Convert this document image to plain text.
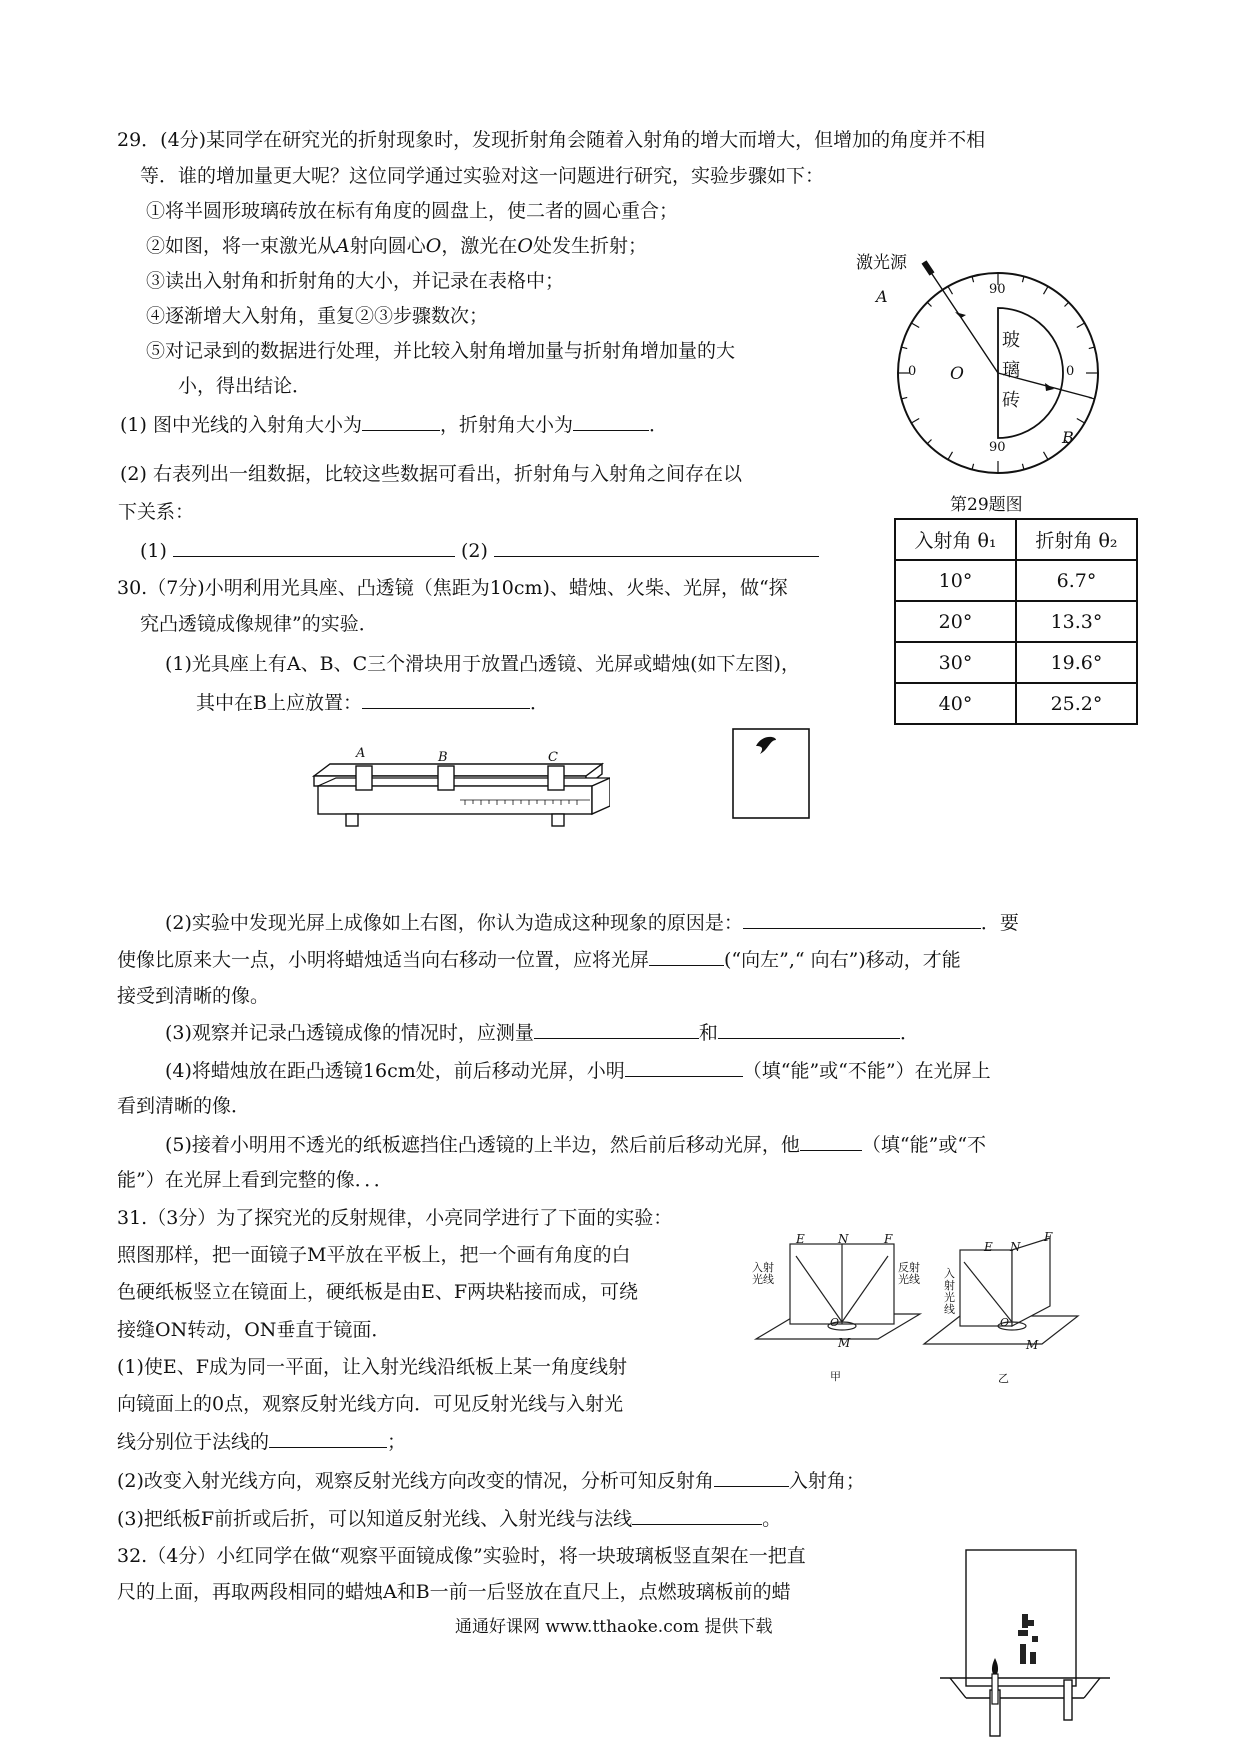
29．(4分)某同学在研究光的折射现象时，发现折射角会随着入射角的增大而增大，但增加的角度并不相
等．谁的增加量更大呢？这位同学通过实验对这一问题进行研究，实验步骤如下：
①将半圆形玻璃砖放在标有角度的圆盘上，使二者的圆心重合；
②如图，将一束激光从A射向圆心O，激光在O处发生折射；
③读出入射角和折射角的大小，并记录在表格中；
④逐渐增大入射角，重复②③步骤数次；
⑤对记录到的数据进行处理，并比较入射角增加量与折射角增加量的大
小，得出结论．
(1) 图中光线的入射角大小为	，折射角大小为	．
(2) 右表列出一组数据，比较这些数据可看出，折射角与入射角之间存在以
下关系：
(1)	(2)
激光源
A
B
O
90
90
0	0
玻
璃
砖
第29题图
入射角 θ₁	折射角 θ₂
10°	6.7°
20°	13.3°
30°	19.6°
40°	25.2°
30.（7分)小明利用光具座、凸透镜（焦距为10cm)、蜡烛、火柴、光屏，做“探
究凸透镜成像规律”的实验．
(1)光具座上有A、B、C三个滑块用于放置凸透镜、光屏或蜡烛(如下左图)，
其中在B上应放置：	．
A	B	C
(2)实验中发现光屏上成像如上右图，你认为造成这种现象的原因是：	．要
使像比原来大一点，小明将蜡烛适当向右移动一位置，应将光屏	(“向左”,“ 向右”)移动，才能
接受到清晰的像。
(3)观察并记录凸透镜成像的情况时，应测量	和	．
(4)将蜡烛放在距凸透镜16cm处，前后移动光屏，小明	（填“能”或“不能”）在光屏上
看到清晰的像．
(5)接着小明用不透光的纸板遮挡住凸透镜的上半边，然后前后移动光屏，他	（填“能”或“不
能”）在光屏上看到完整的像．．．
31.（3分）为了探究光的反射规律，小亮同学进行了下面的实验：
照图那样，把一面镜子M平放在平板上，把一个画有角度的白
色硬纸板竖立在镜面上，硬纸板是由E、F两块粘接而成，可绕
接缝ON转动，ON垂直于镜面．
(1)使E、F成为同一平面，让入射光线沿纸板上某一角度线射
向镜面上的0点，观察反射光线方向．可见反射光线与入射光
线分别位于法线的	；
(2)改变入射光线方向，观察反射光线方向改变的情况，分析可知反射角	入射角；
(3)把纸板F前折或后折，可以知道反射光线、入射光线与法线	。
入射光线
反射光线 入射光线
E	N	F
O
M
E N
F
O
M
甲	乙
32.（4分）小红同学在做“观察平面镜成像”实验时，将一块玻璃板竖直架在一把直
尺的上面，再取两段相同的蜡烛A和B一前一后竖放在直尺上，点燃玻璃板前的蜡
通通好课网 www.tthaoke.com 提供下载
